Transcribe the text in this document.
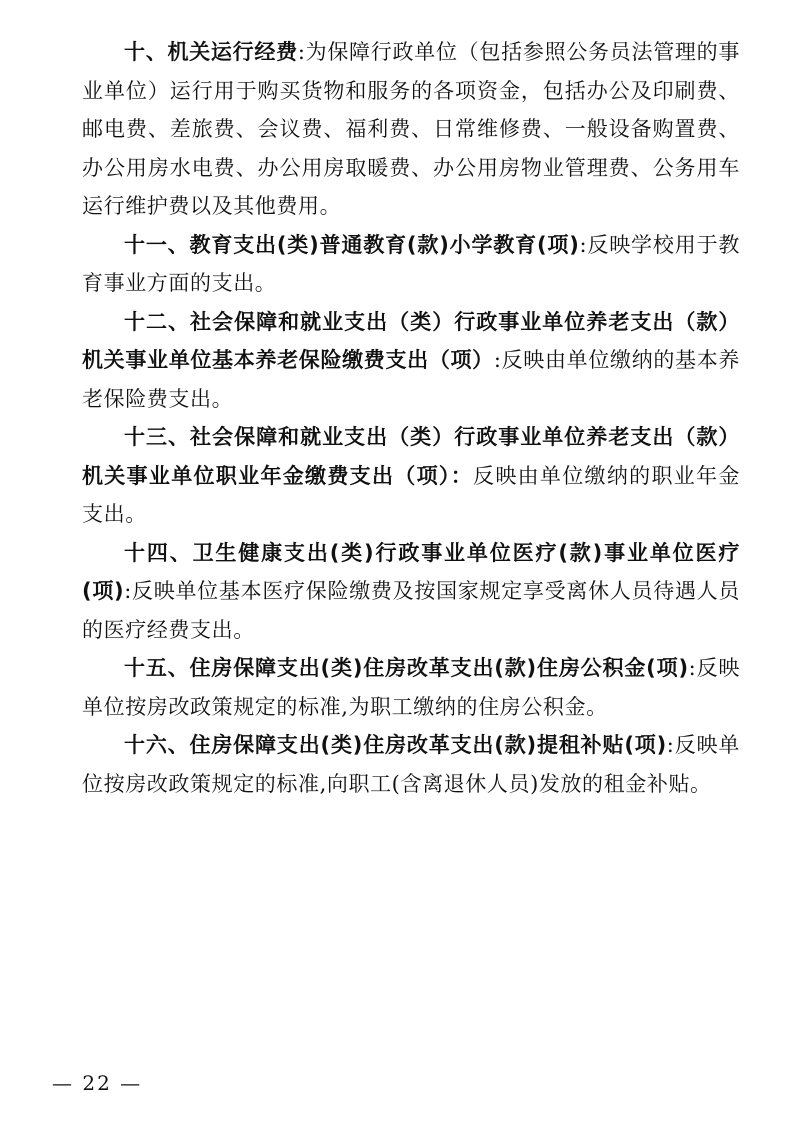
十、机关运行经费:为保障行政单位（包括参照公务员法管理的事业单位）运行用于购买货物和服务的各项资金，包括办公及印刷费、邮电费、差旅费、会议费、福利费、日常维修费、一般设备购置费、办公用房水电费、办公用房取暖费、办公用房物业管理费、公务用车运行维护费以及其他费用。

十一、教育支出(类)普通教育(款)小学教育(项):反映学校用于教育事业方面的支出。

十二、社会保障和就业支出（类）行政事业单位养老支出（款）机关事业单位基本养老保险缴费支出（项）:反映由单位缴纳的基本养老保险费支出。

十三、社会保障和就业支出（类）行政事业单位养老支出（款）机关事业单位职业年金缴费支出（项）：反映由单位缴纳的职业年金支出。

十四、卫生健康支出(类)行政事业单位医疗(款)事业单位医疗(项):反映单位基本医疗保险缴费及按国家规定享受离休人员待遇人员的医疗经费支出。

十五、住房保障支出(类)住房改革支出(款)住房公积金(项):反映单位按房改政策规定的标准,为职工缴纳的住房公积金。

十六、住房保障支出(类)住房改革支出(款)提租补贴(项):反映单位按房改政策规定的标准,向职工(含离退休人员)发放的租金补贴。

— 22 —
